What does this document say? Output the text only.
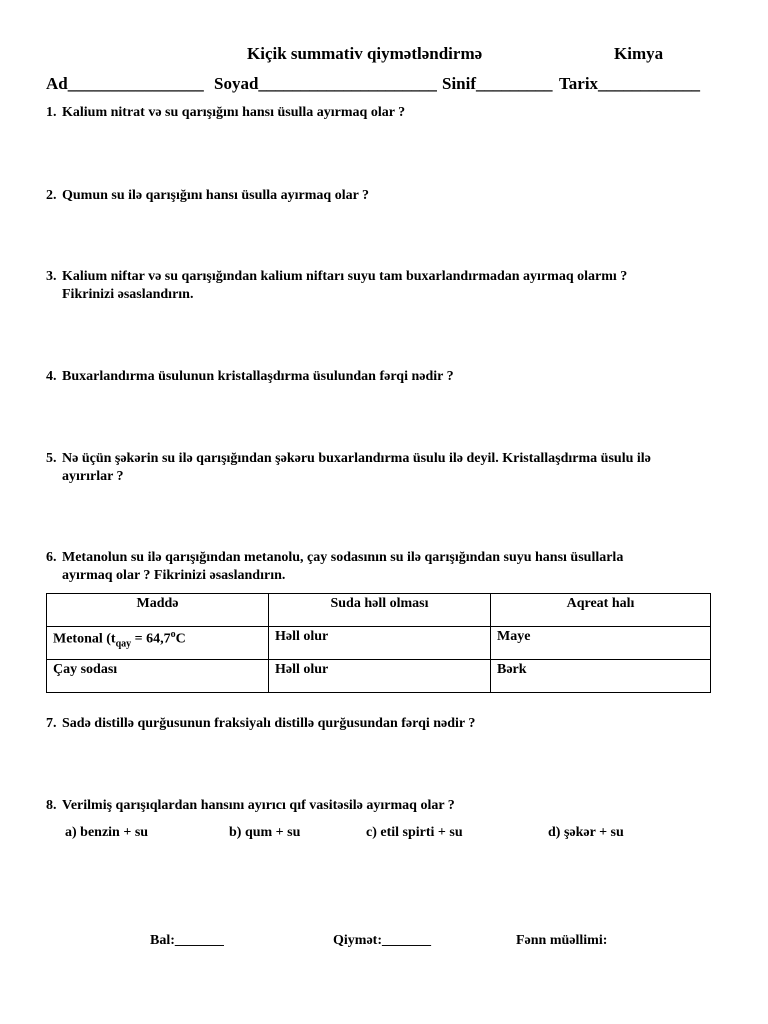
Kiçik summativ qiymətləndirmə	Kimya
Ad________________ Soyad_____________________ Sinif_________ Tarix____________
1. Kalium nitrat və su qarışığını hansı üsulla ayırmaq olar ?
2. Qumun su ilə qarışığını hansı üsulla ayırmaq olar ?
3. Kalium niftar və su qarışığından kalium niftarı suyu tam buxarlandırmadan ayırmaq olarmı ?
Fikrinizi əsaslandırın.
4. Buxarlandırma üsulunun kristallaşdırma üsulundan fərqi nədir ?
5. Nə üçün şəkərin su ilə qarışığından şəkəru buxarlandırma üsulu ilə deyil. Kristallaşdırma üsulu ilə
ayırırlar ?
6. Metanolun su ilə qarışığından metanolu, çay sodasının su ilə qarışığından suyu hansı üsullarla
ayırmaq olar ? Fikrinizi əsaslandırın.
Maddə	Suda həll olması	Aqreat halı
Metonal ($t_{qay} = 64,7^oC$	Həll olur	Maye
Çay sodası	Həll olur	Bərk
7. Sadə distillə qurğusunun fraksiyalı distillə qurğusundan fərqi nədir ?
8. Verilmiş qarışıqlardan hansını ayırıcı qıf vasitəsilə ayırmaq olar ?
a) benzin + su	b) qum + su	c) etil spirti + su	d) şəkər + su
Bal:_______	Qiymət:_______	Fənn müəllimi:
